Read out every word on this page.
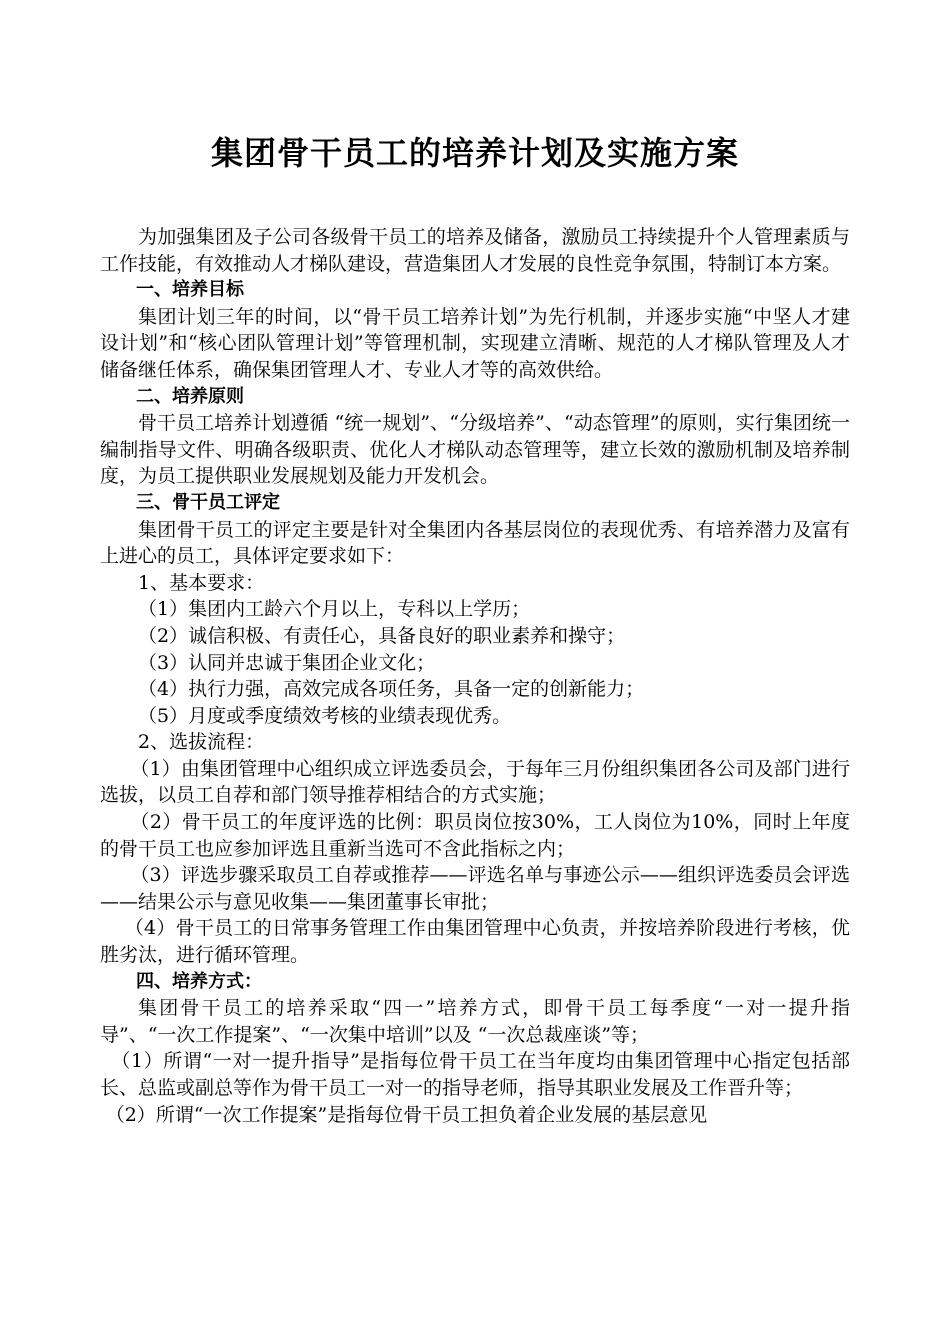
集团骨干员工的培养计划及实施方案

为加强集团及子公司各级骨干员工的培养及储备，激励员工持续提升个人管理素质与工作技能，有效推动人才梯队建设，营造集团人才发展的良性竞争氛围，特制订本方案。

一、培养目标

集团计划三年的时间，以“骨干员工培养计划”为先行机制，并逐步实施“中坚人才建设计划”和“核心团队管理计划”等管理机制，实现建立清晰、规范的人才梯队管理及人才储备继任体系，确保集团管理人才、专业人才等的高效供给。

二、培养原则

骨干员工培养计划遵循 “统一规划”、“分级培养”、“动态管理”的原则，实行集团统一编制指导文件、明确各级职责、优化人才梯队动态管理等，建立长效的激励机制及培养制度，为员工提供职业发展规划及能力开发机会。

三、骨干员工评定

集团骨干员工的评定主要是针对全集团内各基层岗位的表现优秀、有培养潜力及富有上进心的员工，具体评定要求如下：

1、基本要求：

（1）集团内工龄六个月以上，专科以上学历；

（2）诚信积极、有责任心，具备良好的职业素养和操守；

（3）认同并忠诚于集团企业文化；

（4）执行力强，高效完成各项任务，具备一定的创新能力；

（5）月度或季度绩效考核的业绩表现优秀。

2、选拔流程：

（1）由集团管理中心组织成立评选委员会，于每年三月份组织集团各公司及部门进行选拔，以员工自荐和部门领导推荐相结合的方式实施；

（2）骨干员工的年度评选的比例：职员岗位按30%，工人岗位为10%，同时上年度的骨干员工也应参加评选且重新当选可不含此指标之内；

（3）评选步骤采取员工自荐或推荐——评选名单与事迹公示——组织评选委员会评选——结果公示与意见收集——集团董事长审批；

（4）骨干员工的日常事务管理工作由集团管理中心负责，并按培养阶段进行考核，优胜劣汰，进行循环管理。

四、培养方式：

集团骨干员工的培养采取“四一”培养方式，即骨干员工每季度“一对一提升指导”、“一次工作提案”、“一次集中培训”以及 “一次总裁座谈”等；

（1）所谓“一对一提升指导”是指每位骨干员工在当年度均由集团管理中心指定包括部长、总监或副总等作为骨干员工一对一的指导老师，指导其职业发展及工作晋升等；

（2）所谓“一次工作提案”是指每位骨干员工担负着企业发展的基层意见
